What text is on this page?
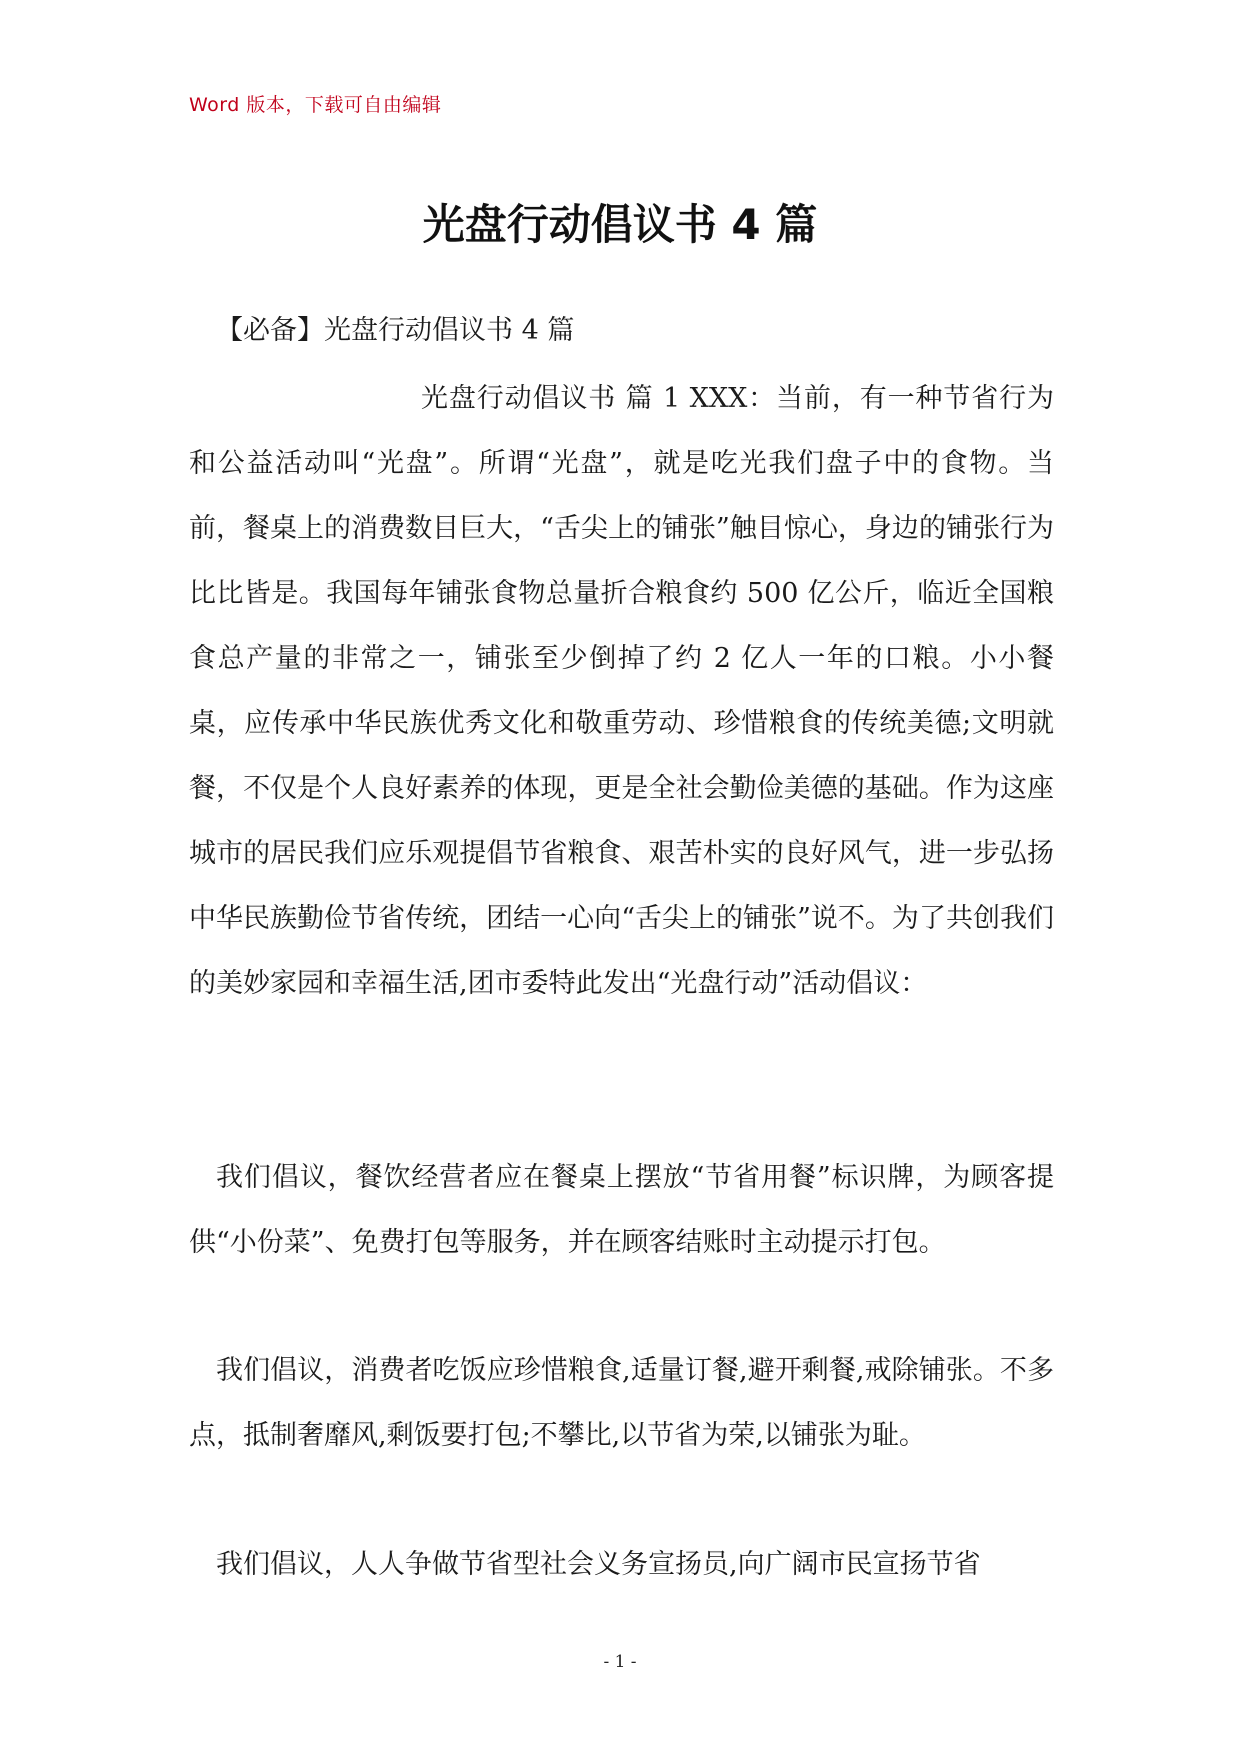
Word 版本，下载可自由编辑
光盘行动倡议书 4 篇
【必备】光盘行动倡议书 4 篇
光盘行动倡议书 篇 1 XXX：当前，有一种节省行为和公益活动叫“光盘”。所谓“光盘”，就是吃光我们盘子中的食物。当前，餐桌上的消费数目巨大，“舌尖上的铺张”触目惊心，身边的铺张行为比比皆是。我国每年铺张食物总量折合粮食约 500 亿公斤，临近全国粮食总产量的非常之一，铺张至少倒掉了约 2 亿人一年的口粮。小小餐桌，应传承中华民族优秀文化和敬重劳动、珍惜粮食的传统美德;文明就餐，不仅是个人良好素养的体现，更是全社会勤俭美德的基础。作为这座城市的居民我们应乐观提倡节省粮食、艰苦朴实的良好风气，进一步弘扬中华民族勤俭节省传统，团结一心向“舌尖上的铺张”说不。为了共创我们的美妙家园和幸福生活,团市委特此发出“光盘行动”活动倡议：
我们倡议，餐饮经营者应在餐桌上摆放“节省用餐”标识牌，为顾客提供“小份菜”、免费打包等服务，并在顾客结账时主动提示打包。
我们倡议，消费者吃饭应珍惜粮食,适量订餐,避开剩餐,戒除铺张。不多点，抵制奢靡风,剩饭要打包;不攀比,以节省为荣,以铺张为耻。
我们倡议，人人争做节省型社会义务宣扬员,向广阔市民宣扬节省
- 1 -
